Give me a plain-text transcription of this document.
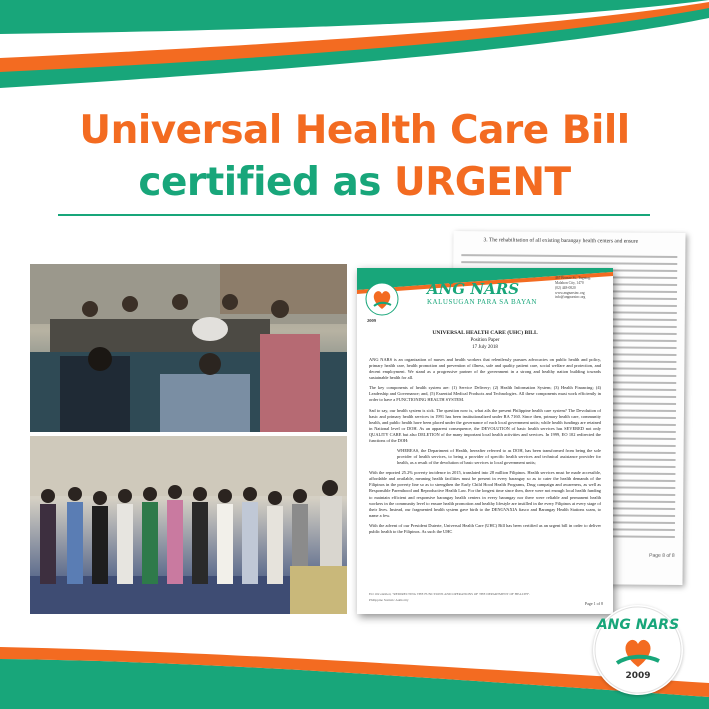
Universal Health Care Bill
certified as URGENT
3. The rehabilitation of all existing barangay health centers and ensure
Page 8 of 8
ANG NARS
KALUSUGAN PARA SA BAYAN
467 Bronze St., Tugatog,
Malabon City, 1470
(02) 448-0820
www.angnarsinc.org
info@angnarsinc.org
2009
UNIVERSAL HEALTH CARE (UHC) BILL
Position Paper
17 July 2018

ANG NARS is an organization of nurses and health workers that relentlessly pursues advocacies on public health and policy, primary health care, health promotion and prevention of illness, safe and quality patient care, social welfare and protection, and decent employment. We stand as a progressive partner of the government in a strong and healthy nation building towards sustainable health for all.

The key components of health system are: (1) Service Delivery; (2) Health Information System; (3) Health Financing; (4) Leadership and Governance; and, (5) Essential Medical Products and Technologies. All these components must work efficiently in order to have a FUNCTIONING HEALTH SYSTEM.

Sad to say, our health system is sick. The question now is, what ails the present Philippine health care system? The Devolution of basic and primary health services in 1991 has been institutionalized under RA 7160. Since then, primary health care, community health, and public health have been placed under the governance of each local government units; while health fundings are retained in National level or DOH. As an apparent consequence, the DEVOLUTION of basic health services has SEVERED not only QUALITY CARE but also DELETION of the many important local health activities and services. In 1999, EO 102 redirected the functions of the DOH:

WHEREAS, the Department of Health, hereafter referred to as DOH, has been transformed from being the sole provider of health services, to being a provider of specific health services and technical assistance provider for health, as a result of the devolution of basic services to local government units;

With the reported 25.2% poverty incidence in 2015, translated into 28 million Filipinos. Health services must be made accessible, affordable and available, meaning health facilities must be present in every barangay so as to cater the health demands of the Filipinos in the poverty line so as to strengthen the Early Child Hood Health Programs, Drug campaign and awareness, as well as Responsible Parenthood and Reproductive Health Law. For the longest time since then, there were not enough local health funding to maintain efficient and responsive barangay health centers in every barangay nor there were reliable and permanent health workers in the community level to ensure health promotion and healthy lifestyle are instilled in the every Filipinos at every stage of their lives. Instead, our fragmented health system gave birth to the DENGVAXIA fiasco and Barangay Health Stations scam, to name a few.

With the advent of our President Duterte, Universal Health Care (UHC) Bill has been certified as an urgent bill in order to deliver public health to the Filipinos. As such the UHC

EO 102 entitled, "REDIRECTING THE FUNCTIONS AND OPERATIONS OF THE DEPARTMENT OF HEALTH".
Philippine Statistic Authority
Page 1 of 8
ANG NARS
2009
